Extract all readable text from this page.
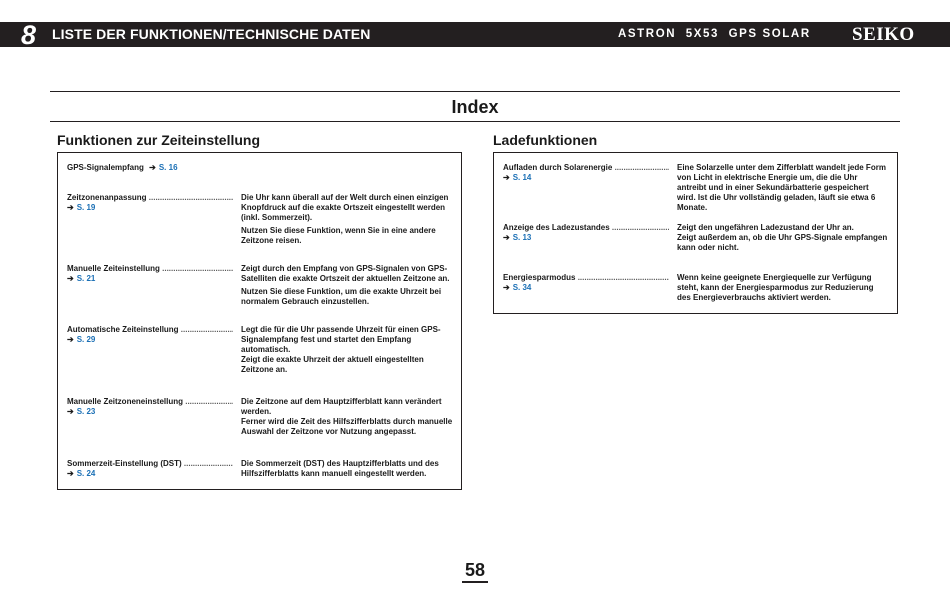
LISTE DER FUNKTIONEN/TECHNISCHE DATEN	ASTRON  5X53  GPS SOLAR SEIKO
8
Index
Funktionen zur Zeiteinstellung	Ladefunktionen
GPS-Signalempfang ➔ S. 16
Zeitzonenanpassung .....
➔ S. 19

Die Uhr kann überall auf der Welt durch einen einzigen Knopfdruck auf die exakte Ortszeit eingestellt werden (inkl. Sommerzeit).

Nutzen Sie diese Funktion, wenn Sie in eine andere Zeitzone reisen.

Manuelle Zeiteinstellung .....
➔ S. 21

Zeigt durch den Empfang von GPS-Signalen von GPS-Satelliten die exakte Ortszeit der aktuellen Zeitzone an.

Nutzen Sie diese Funktion, um die exakte Uhrzeit bei normalem Gebrauch einzustellen.

Automatische Zeiteinstellung .....
➔ S. 29

Legt die für die Uhr passende Uhrzeit für einen GPS-Signalempfang fest und startet den Empfang automatisch.

Zeigt die exakte Uhrzeit der aktuell eingestellten Zeitzone an.

Manuelle Zeitzoneneinstellung .....
➔ S. 23

Die Zeitzone auf dem Hauptzifferblatt kann verändert werden.

Ferner wird die Zeit des Hilfszifferblatts durch manuelle Auswahl der Zeitzone vor Nutzung angepasst.

Sommerzeit-Einstellung (DST) .....
➔ S. 24

Die Sommerzeit (DST) des Hauptzifferblatts und des Hilfszifferblatts kann manuell eingestellt werden.

Aufladen durch Solarenergie .....
➔ S. 14

Eine Solarzelle unter dem Zifferblatt wandelt jede Form von Licht in elektrische Energie um, die die Uhr antreibt und in einer Sekundärbatterie gespeichert wird. Ist die Uhr vollständig geladen, läuft sie etwa 6 Monate.

Anzeige des Ladezustandes .....
➔ S. 13

Zeigt den ungefähren Ladezustand der Uhr an.

Zeigt außerdem an, ob die Uhr GPS-Signale empfangen kann oder nicht.

Energiesparmodus .....
➔ S. 34

Wenn keine geeignete Energiequelle zur Verfügung steht, kann der Energiesparmodus zur Reduzierung des Energieverbrauchs aktiviert werden.

58
